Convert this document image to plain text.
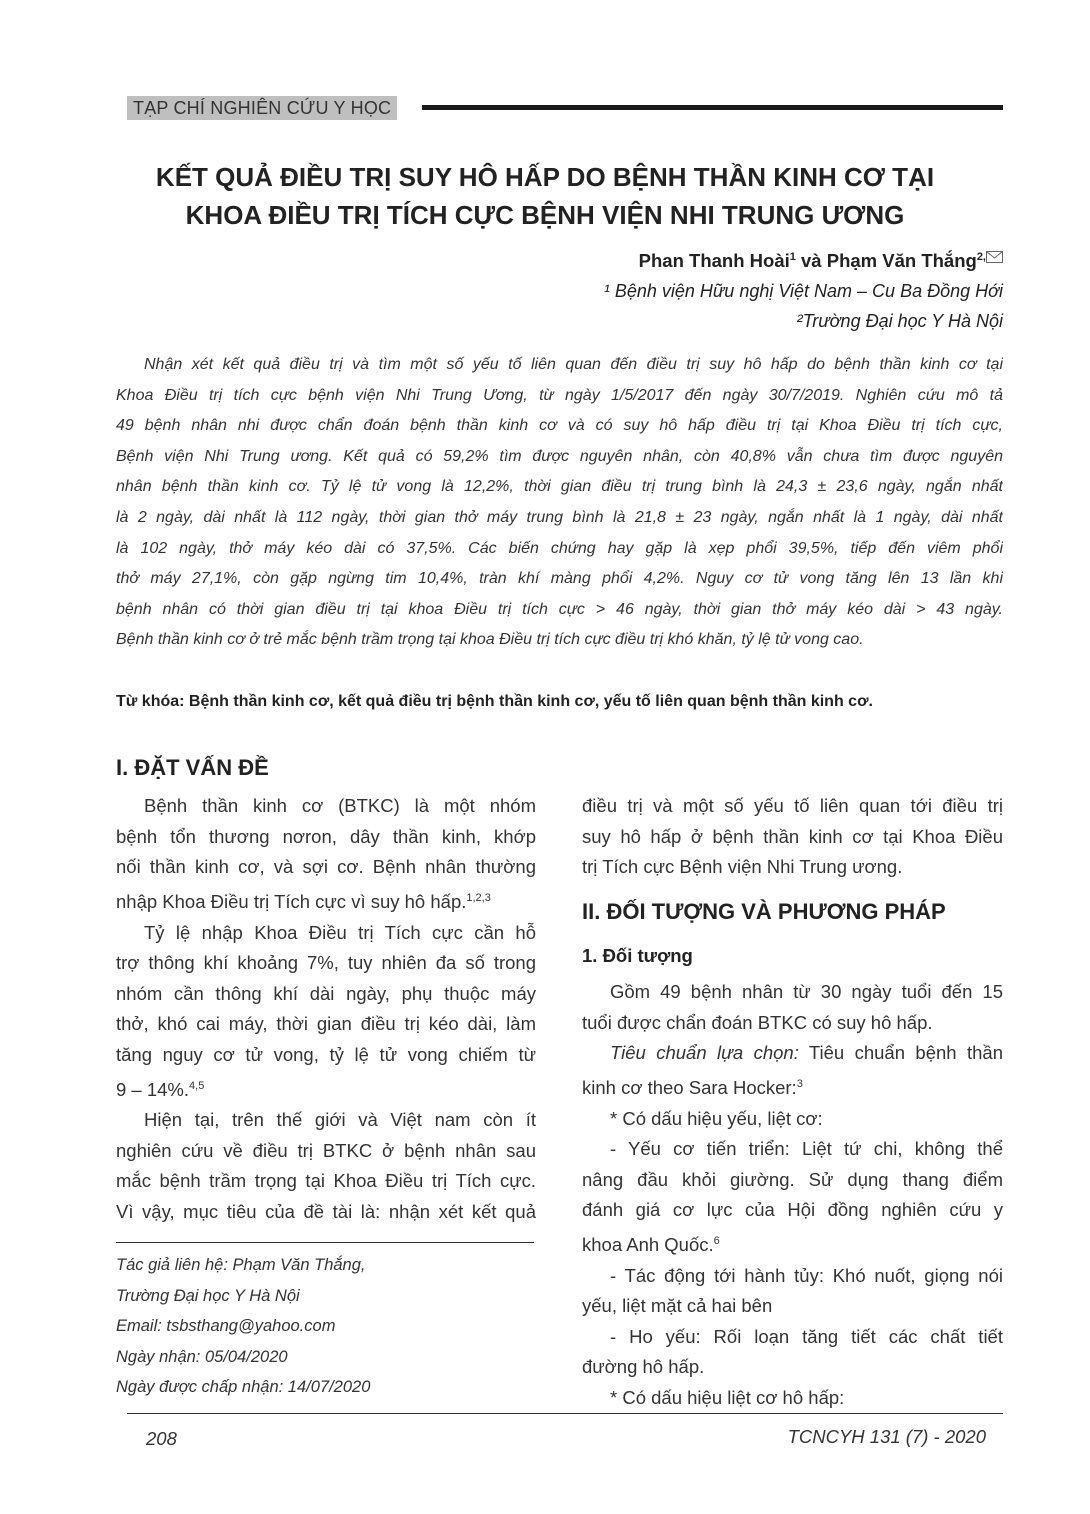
TẠP CHÍ NGHIÊN CỨU Y HỌC
KẾT QUẢ ĐIỀU TRỊ SUY HÔ HẤP DO BỆNH THẦN KINH CƠ TẠI
KHOA ĐIỀU TRỊ TÍCH CỰC BỆNH VIỆN NHI TRUNG ƯƠNG
Phan Thanh Hoài$^1$ và Phạm Văn Thắng$^{2,}$
¹ Bệnh viện Hữu nghị Việt Nam – Cu Ba Đồng Hới
²Trường Đại học Y Hà Nội
Nhận xét kết quả điều trị và tìm một số yếu tố liên quan đến điều trị suy hô hấp do bệnh thần kinh cơ tại
Khoa Điều trị tích cực bệnh viện Nhi Trung Ương, từ ngày 1/5/2017 đến ngày 30/7/2019. Nghiên cứu mô tả
49 bệnh nhân nhi được chẩn đoán bệnh thần kinh cơ và có suy hô hấp điều trị tại Khoa Điều trị tích cực,
Bệnh viện Nhi Trung ương. Kết quả có 59,2% tìm được nguyên nhân, còn 40,8% vẫn chưa tìm được nguyên
nhân bệnh thần kinh cơ. Tỷ lệ tử vong là 12,2%, thời gian điều trị trung bình là 24,3 ± 23,6 ngày, ngắn nhất
là 2 ngày, dài nhất là 112 ngày, thời gian thở máy trung bình là 21,8 ± 23 ngày, ngắn nhất là 1 ngày, dài nhất
là 102 ngày, thở máy kéo dài có 37,5%. Các biến chứng hay gặp là xẹp phổi 39,5%, tiếp đến viêm phổi
thở máy 27,1%, còn gặp ngừng tim 10,4%, tràn khí màng phổi 4,2%. Nguy cơ tử vong tăng lên 13 lần khi
bệnh nhân có thời gian điều trị tại khoa Điều trị tích cực > 46 ngày, thời gian thở máy kéo dài > 43 ngày.
Bệnh thần kinh cơ ở trẻ mắc bệnh trầm trọng tại khoa Điều trị tích cực điều trị khó khăn, tỷ lệ tử vong cao.
Từ khóa: Bệnh thần kinh cơ, kết quả điều trị bệnh thần kinh cơ, yếu tố liên quan bệnh thần kinh cơ.
I. ĐẶT VẤN ĐỀ
Bệnh thần kinh cơ (BTKC) là một nhóm
bệnh tổn thương nơron, dây thần kinh, khớp
nối thần kinh cơ, và sợi cơ. Bệnh nhân thường
nhập Khoa Điều trị Tích cực vì suy hô hấp.$^{1,2,3}$
Tỷ lệ nhập Khoa Điều trị Tích cực cần hỗ
trợ thông khí khoảng 7%, tuy nhiên đa số trong
nhóm cần thông khí dài ngày, phụ thuộc máy
thở, khó cai máy, thời gian điều trị kéo dài, làm
tăng nguy cơ tử vong, tỷ lệ tử vong chiếm từ
9 – 14%.$^{4,5}$
Hiện tại, trên thế giới và Việt nam còn ít
nghiên cứu về điều trị BTKC ở bệnh nhân sau
mắc bệnh trầm trọng tại Khoa Điều trị Tích cực.
Vì vậy, mục tiêu của đề tài là: nhận xét kết quả
Tác giả liên hệ: Phạm Văn Thắng,
Trường Đại học Y Hà Nội
Email: tsbsthang@yahoo.com
Ngày nhận: 05/04/2020
Ngày được chấp nhận: 14/07/2020
điều trị và một số yếu tố liên quan tới điều trị
suy hô hấp ở bệnh thần kinh cơ tại Khoa Điều
trị Tích cực Bệnh viện Nhi Trung ương.
II. ĐỐI TƯỢNG VÀ PHƯƠNG PHÁP
1. Đối tượng
Gồm 49 bệnh nhân từ 30 ngày tuổi đến 15
tuổi được chẩn đoán BTKC có suy hô hấp.
Tiêu chuẩn lựa chọn: Tiêu chuẩn bệnh thần
kinh cơ theo Sara Hocker:$^3$
* Có dấu hiệu yếu, liệt cơ:
- Yếu cơ tiến triển: Liệt tứ chi, không thể
nâng đầu khỏi giường. Sử dụng thang điểm
đánh giá cơ lực của Hội đồng nghiên cứu y
khoa Anh Quốc.$^6$
- Tác động tới hành tủy: Khó nuốt, giọng nói
yếu, liệt mặt cả hai bên
- Ho yếu: Rối loạn tăng tiết các chất tiết
đường hô hấp.
* Có dấu hiệu liệt cơ hô hấp:
208	TCNCYH 131 (7) - 2020
